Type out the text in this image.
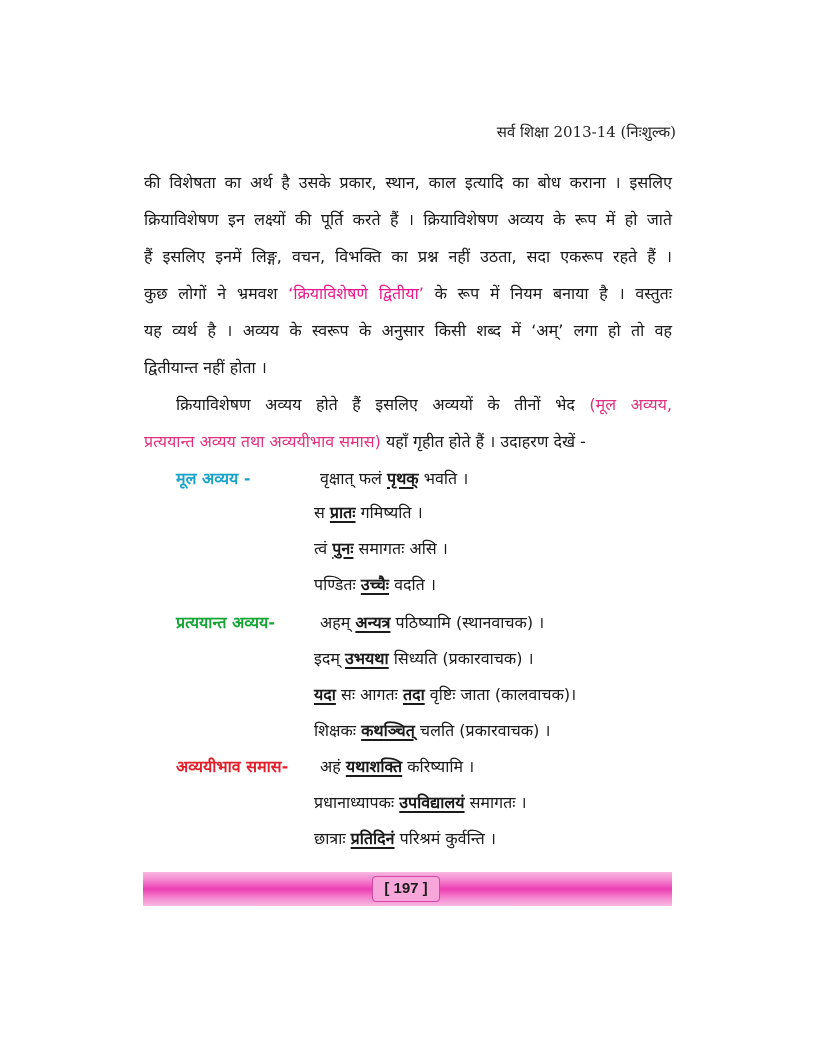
सर्व शिक्षा 2013-14 (निःशुल्क)
की विशेषता का अर्थ है उसके प्रकार, स्थान, काल इत्यादि का बोध कराना । इसलिए
क्रियाविशेषण इन लक्ष्यों की पूर्ति करते हैं । क्रियाविशेषण अव्यय के रूप में हो जाते
हैं इसलिए इनमें लिङ्ग, वचन, विभक्ति का प्रश्न नहीं उठता, सदा एकरूप रहते हैं ।
कुछ लोगों ने भ्रमवश ‘क्रियाविशेषणे द्वितीया’ के रूप में नियम बनाया है । वस्तुतः
यह व्यर्थ है । अव्यय के स्वरूप के अनुसार किसी शब्द में ‘अम्’ लगा हो तो वह
द्वितीयान्त नहीं होता ।
क्रियाविशेषण अव्यय होते हैं इसलिए अव्ययों के तीनों भेद (मूल अव्यय,
प्रत्ययान्त अव्यय तथा अव्ययीभाव समास) यहाँ गृहीत होते हैं । उदाहरण देखें -
मूल अव्यय -	वृक्षात् फलं पृथक् भवति ।
स प्रातः गमिष्यति ।
त्वं पुनः समागतः असि ।
पण्डितः उच्चैः वदति ।
प्रत्ययान्त अव्यय-	अहम् अन्यत्र पठिष्यामि (स्थानवाचक) ।
इदम् उभयथा सिध्यति (प्रकारवाचक) ।
यदा सः आगतः तदा वृष्टिः जाता (कालवाचक)।
शिक्षकः कथञ्चित् चलति (प्रकारवाचक) ।
अव्ययीभाव समास- अहं यथाशक्ति करिष्यामि ।
प्रधानाध्यापकः उपविद्यालयं समागतः ।
छात्राः प्रतिदिनं परिश्रमं कुर्वन्ति ।
[ 197 ]
